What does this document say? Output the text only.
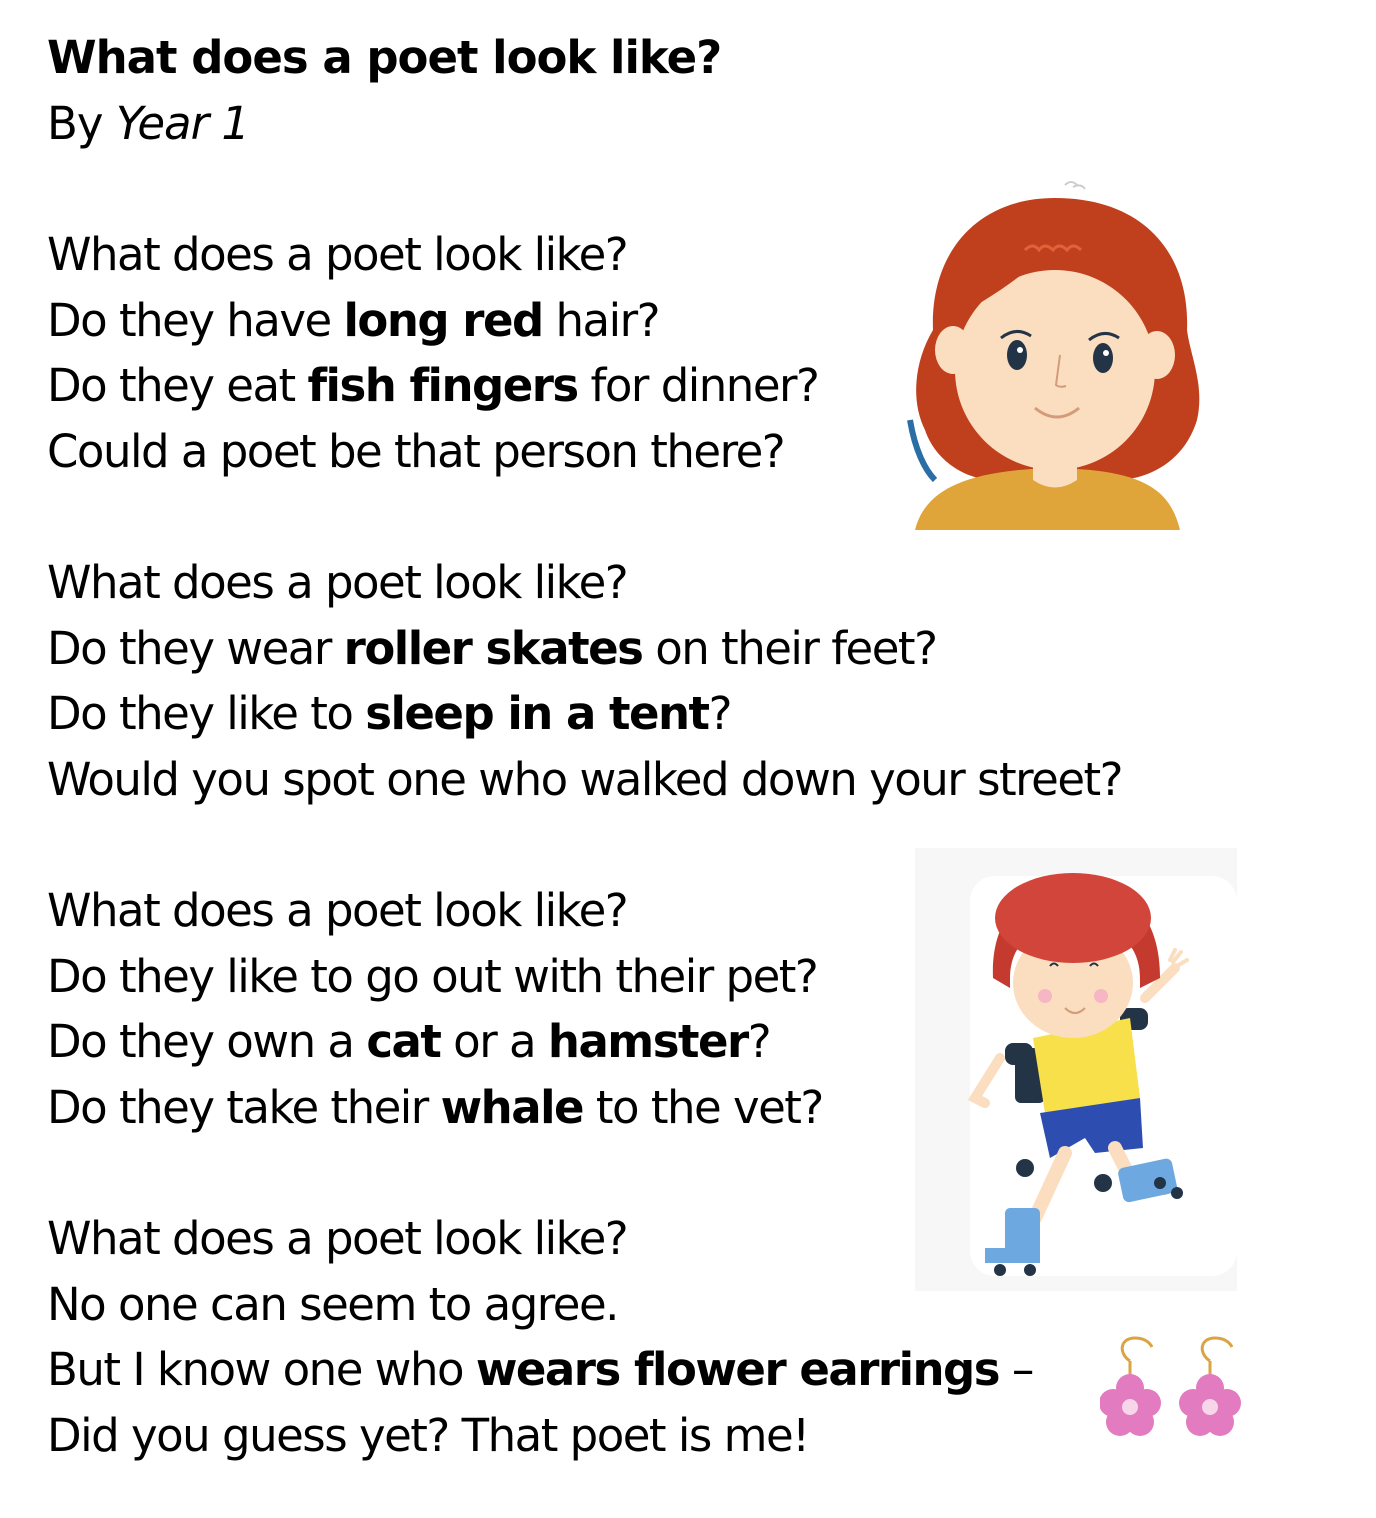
What does a poet look like?
By Year 1
What does a poet look like?
Do they have long red hair?
Do they eat fish fingers for dinner?
Could a poet be that person there?
What does a poet look like?
Do they wear roller skates on their feet?
Do they like to sleep in a tent?
Would you spot one who walked down your street?
What does a poet look like?
Do they like to go out with their pet?
Do they own a cat or a hamster?
Do they take their whale to the vet?
What does a poet look like?
No one can seem to agree.
But I know one who wears flower earrings –
Did you guess yet? That poet is me!
